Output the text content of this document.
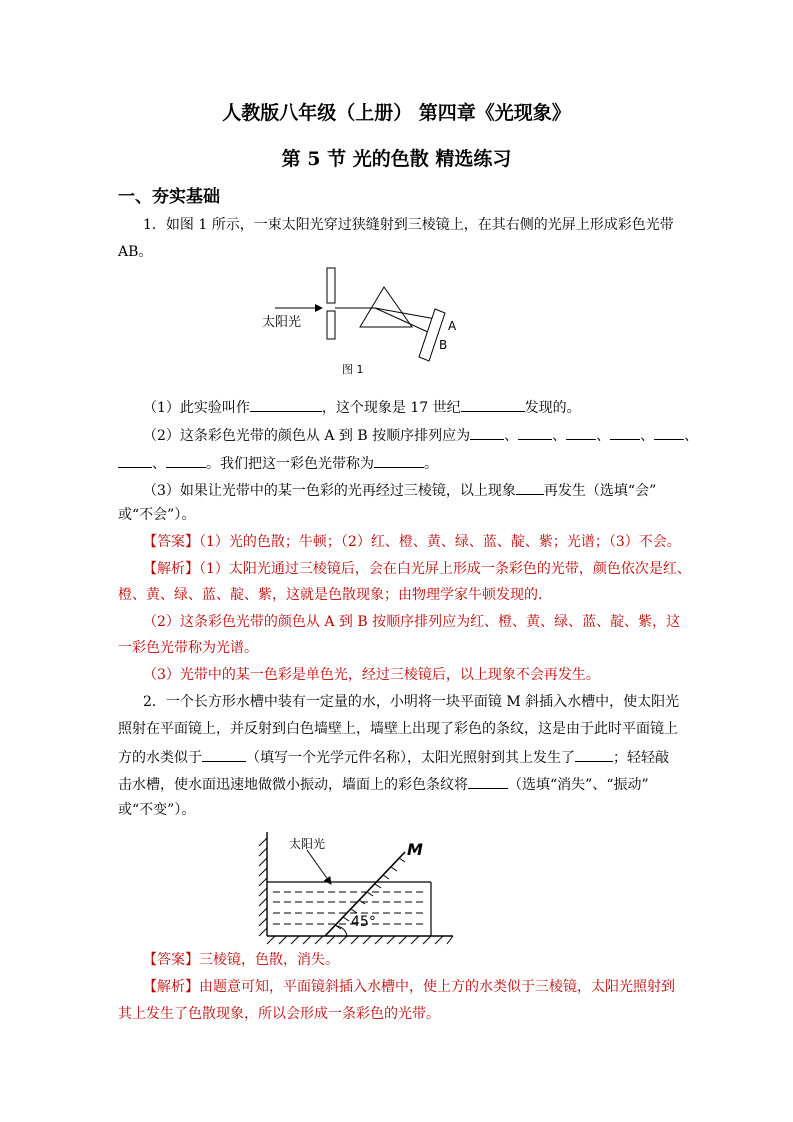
人教版八年级（上册） 第四章《光现象》
第 5 节 光的色散 精选练习
一、夯实基础
1．如图 1 所示，一束太阳光穿过狭缝射到三棱镜上，在其右侧的光屏上形成彩色光带
AB。
太阳光	A
B
图 1
（1）此实验叫作	，这个现象是 17 世纪	发现的。
（2）这条彩色光带的颜色从 A 到 B 按顺序排列应为 、 、 、 、 、
、	。我们把这一彩色光带称为	。
（3）如果让光带中的某一色彩的光再经过三棱镜，以上现象 再发生（选填“会”
或“不会”）。
【答案】（1）光的色散；牛顿；（2）红、橙、黄、绿、蓝、靛、紫；光谱；（3）不会。
【解析】（1）太阳光通过三棱镜后，会在白光屏上形成一条彩色的光带，颜色依次是红、
橙、黄、绿、蓝、靛、紫，这就是色散现象；由物理学家牛顿发现的.
（2）这条彩色光带的颜色从 A 到 B 按顺序排列应为红、橙、黄、绿、蓝、靛、紫，这
一彩色光带称为光谱。
（3）光带中的某一色彩是单色光，经过三棱镜后，以上现象不会再发生。
2．一个长方形水槽中装有一定量的水，小明将一块平面镜 M 斜插入水槽中，使太阳光
照射在平面镜上，并反射到白色墙壁上，墙壁上出现了彩色的条纹，这是由于此时平面镜上
方的水类似于	（填写一个光学元件名称），太阳光照射到其上发生了	；轻轻敲
击水槽，使水面迅速地做微小振动，墙面上的彩色条纹将	（选填“消失”、“振动”
或“不变”）。
太阳光	M
45°
【答案】三棱镜，色散，消失。
【解析】由题意可知，平面镜斜插入水槽中，使上方的水类似于三棱镜，太阳光照射到
其上发生了色散现象，所以会形成一条彩色的光带。
